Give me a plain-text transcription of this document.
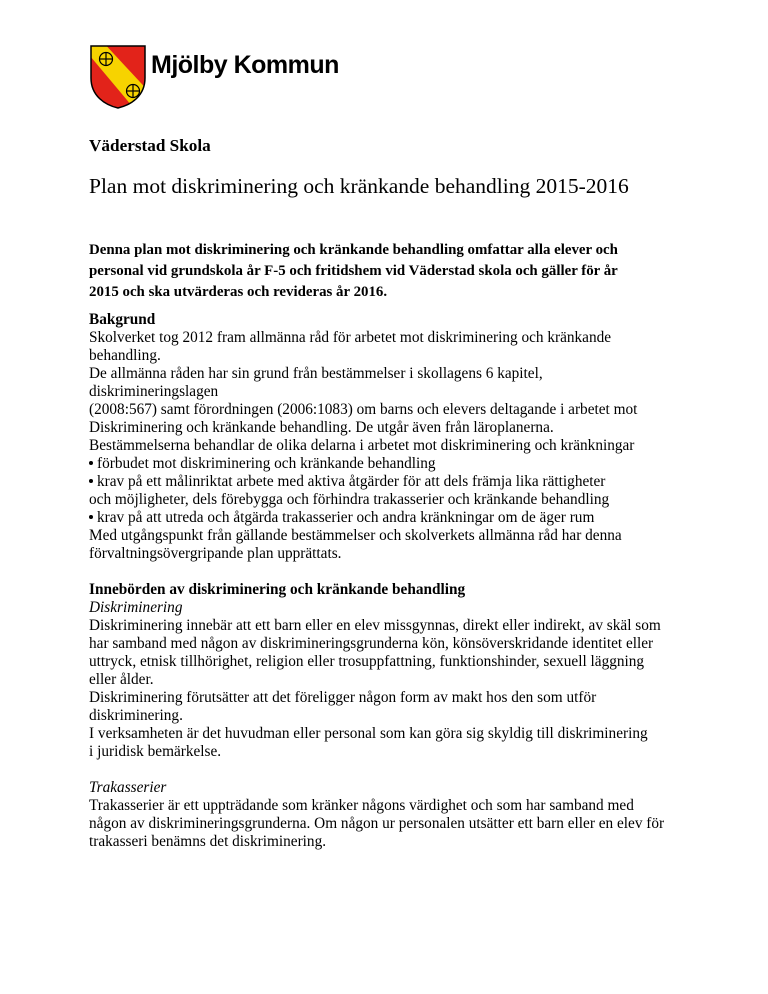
Mjölby Kommun
Väderstad Skola
Plan mot diskriminering och kränkande behandling 2015-2016

Denna plan mot diskriminering och kränkande behandling omfattar alla elever och

personal vid grundskola år F-5 och fritidshem vid Väderstad skola och gäller för år

2015 och ska utvärderas och revideras år 2016.

Bakgrund

Skolverket tog 2012 fram allmänna råd för arbetet mot diskriminering och kränkande

behandling.

De allmänna råden har sin grund från bestämmelser i skollagens 6 kapitel,

diskrimineringslagen

(2008:567) samt förordningen (2006:1083) om barns och elevers deltagande i arbetet mot

Diskriminering och kränkande behandling. De utgår även från läroplanerna.

Bestämmelserna behandlar de olika delarna i arbetet mot diskriminering och kränkningar

förbudet mot diskriminering och kränkande behandling

krav på ett målinriktat arbete med aktiva åtgärder för att dels främja lika rättigheter

och möjligheter, dels förebygga och förhindra trakasserier och kränkande behandling

krav på att utreda och åtgärda trakasserier och andra kränkningar om de äger rum

Med utgångspunkt från gällande bestämmelser och skolverkets allmänna råd har denna

förvaltningsövergripande plan upprättats.

Innebörden av diskriminering och kränkande behandling

Diskriminering

Diskriminering innebär att ett barn eller en elev missgynnas, direkt eller indirekt, av skäl som

har samband med någon av diskrimineringsgrunderna kön, könsöverskridande identitet eller

uttryck, etnisk tillhörighet, religion eller trosuppfattning, funktionshinder, sexuell läggning

eller ålder.

Diskriminering förutsätter att det föreligger någon form av makt hos den som utför

diskriminering.

I verksamheten är det huvudman eller personal som kan göra sig skyldig till diskriminering

i juridisk bemärkelse.

Trakasserier

Trakasserier är ett uppträdande som kränker någons värdighet och som har samband med

någon av diskrimineringsgrunderna. Om någon ur personalen utsätter ett barn eller en elev för

trakasseri benämns det diskriminering.
